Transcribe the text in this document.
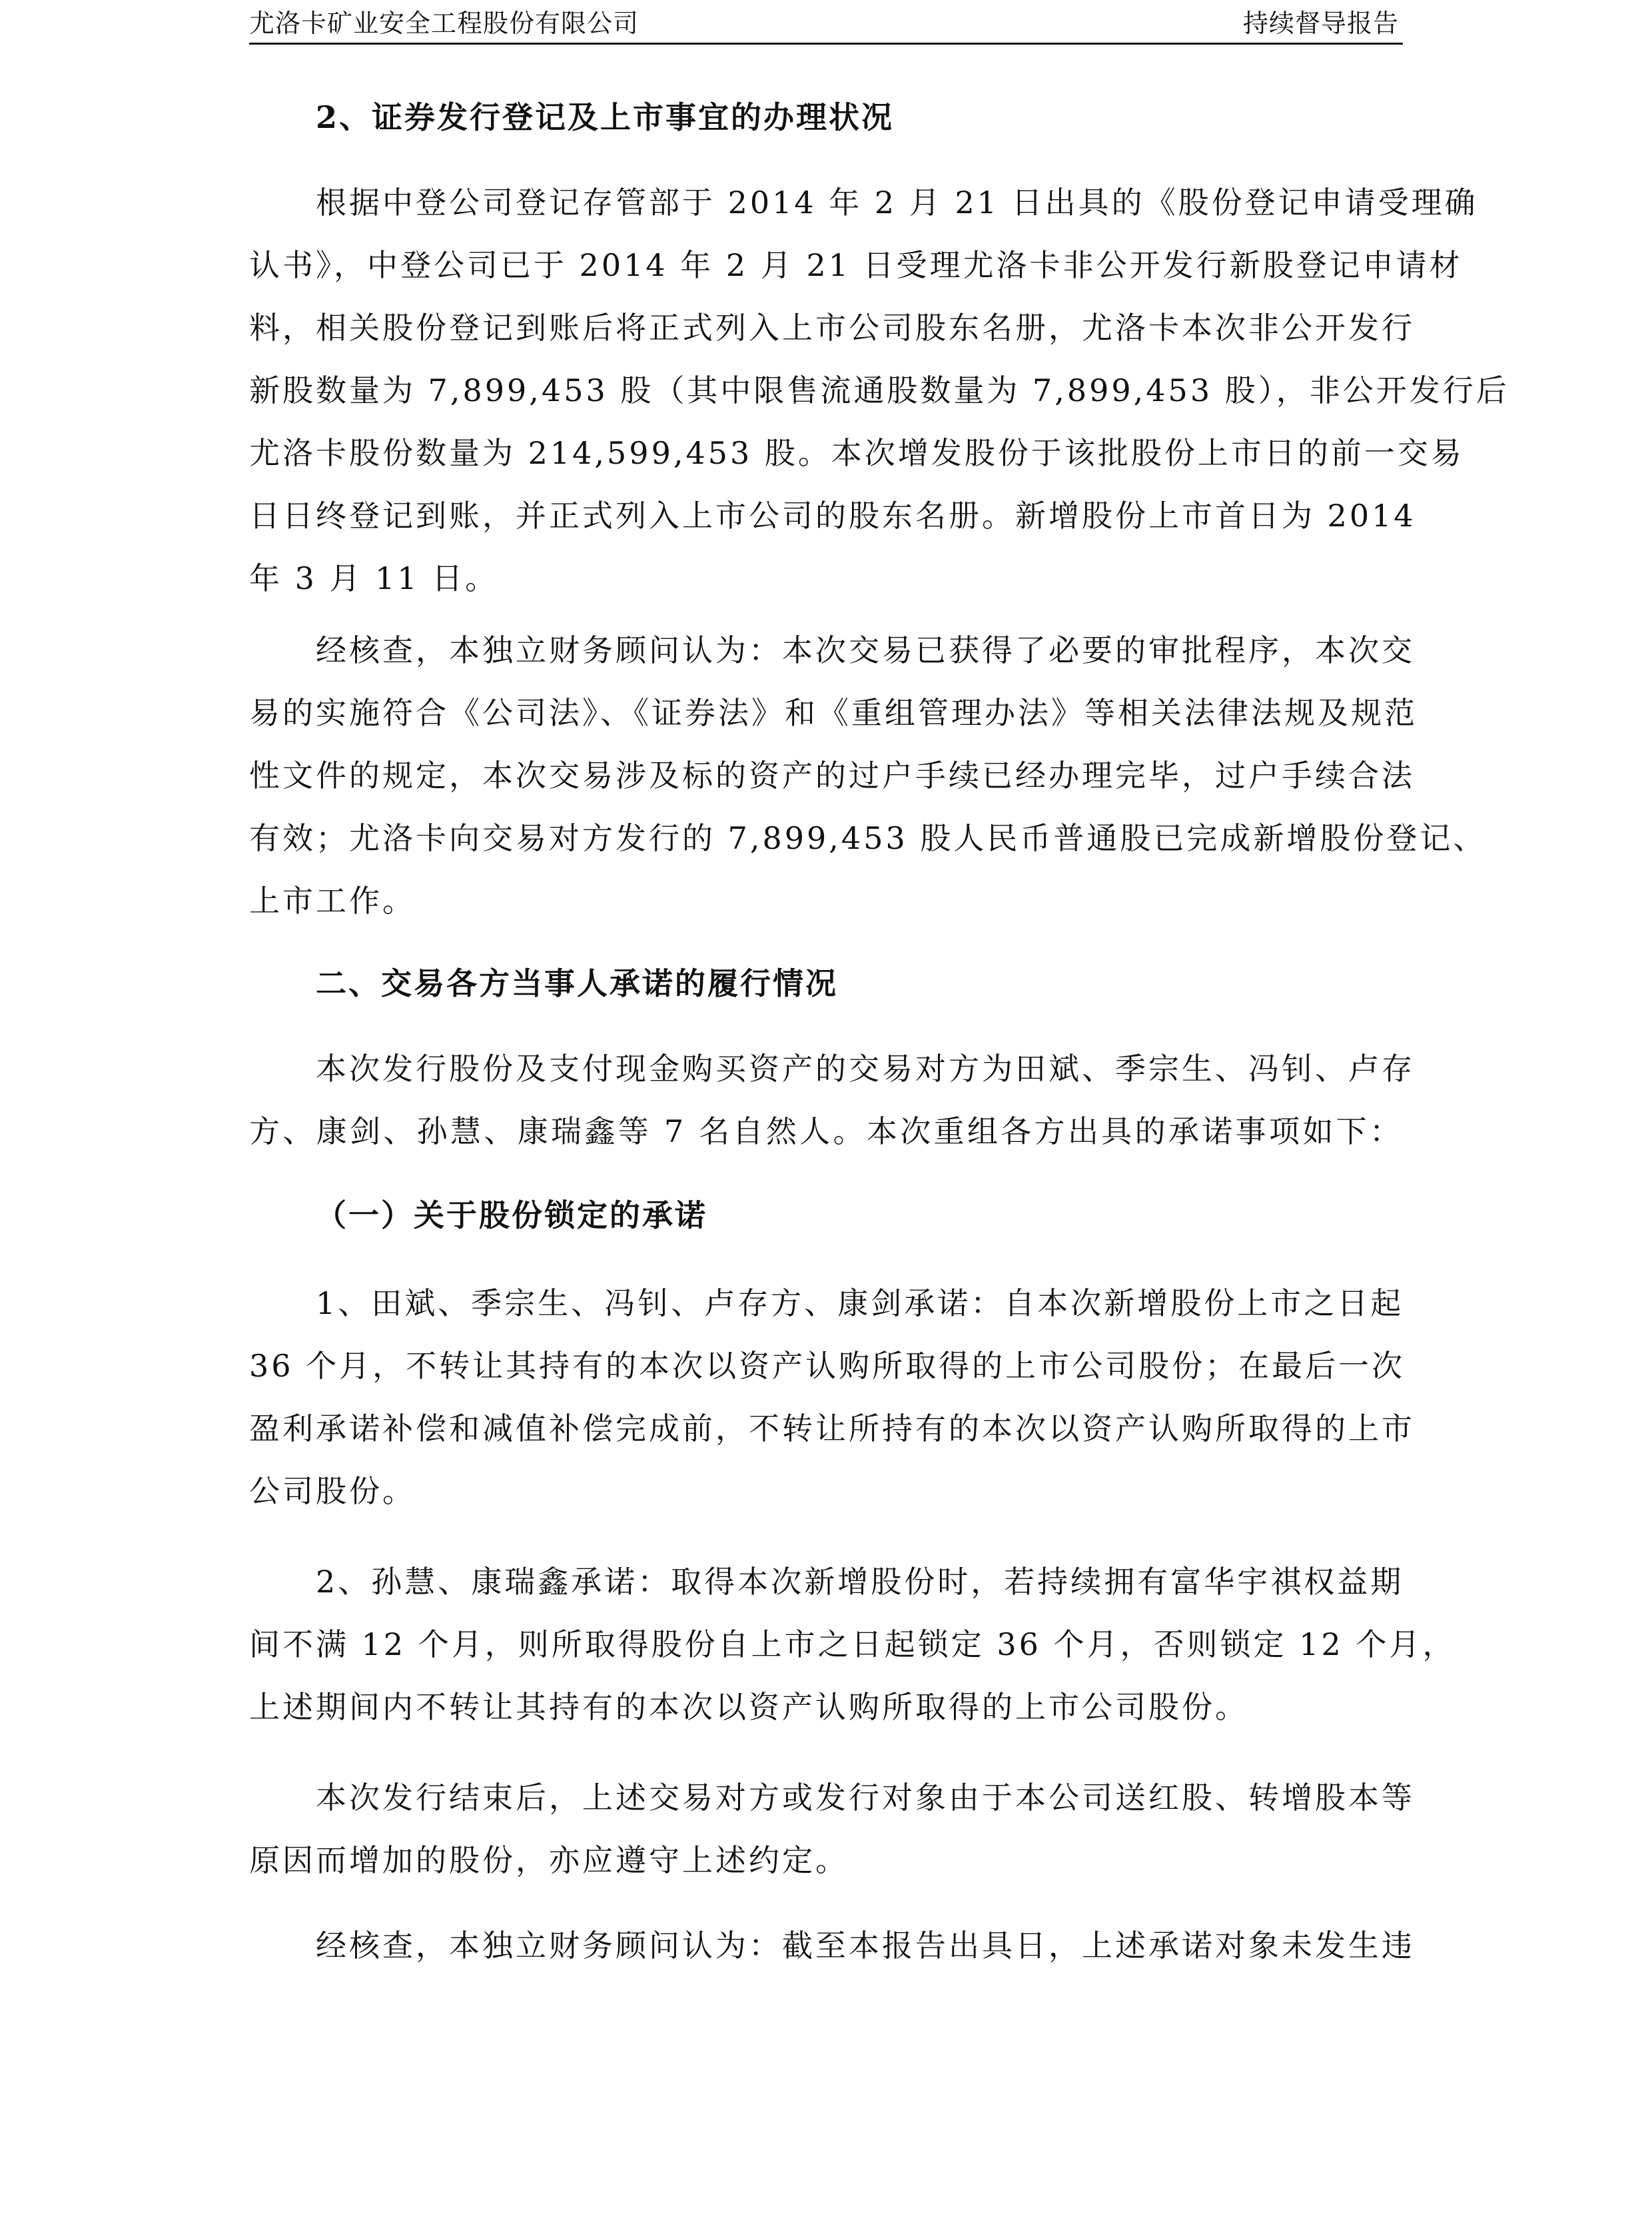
尤洛卡矿业安全工程股份有限公司	持续督导报告
2、证券发行登记及上市事宜的办理状况
根据中登公司登记存管部于 2014 年 2 月 21 日出具的《股份登记申请受理确
认书》，中登公司已于 2014 年 2 月 21 日受理尤洛卡非公开发行新股登记申请材
料，相关股份登记到账后将正式列入上市公司股东名册，尤洛卡本次非公开发行
新股数量为 7,899,453 股（其中限售流通股数量为 7,899,453 股），非公开发行后
尤洛卡股份数量为 214,599,453 股。本次增发股份于该批股份上市日的前一交易
日日终登记到账，并正式列入上市公司的股东名册。新增股份上市首日为 2014
年 3 月 11 日。
经核查，本独立财务顾问认为：本次交易已获得了必要的审批程序，本次交
易的实施符合《公司法》、《证券法》和《重组管理办法》等相关法律法规及规范
性文件的规定，本次交易涉及标的资产的过户手续已经办理完毕，过户手续合法
有效；尤洛卡向交易对方发行的 7,899,453 股人民币普通股已完成新增股份登记、
上市工作。
二、交易各方当事人承诺的履行情况
本次发行股份及支付现金购买资产的交易对方为田斌、季宗生、冯钊、卢存
方、康剑、孙慧、康瑞鑫等 7 名自然人。本次重组各方出具的承诺事项如下：
（一）关于股份锁定的承诺
1、田斌、季宗生、冯钊、卢存方、康剑承诺：自本次新增股份上市之日起
36 个月，不转让其持有的本次以资产认购所取得的上市公司股份；在最后一次
盈利承诺补偿和减值补偿完成前，不转让所持有的本次以资产认购所取得的上市
公司股份。
2、孙慧、康瑞鑫承诺：取得本次新增股份时，若持续拥有富华宇祺权益期
间不满 12 个月，则所取得股份自上市之日起锁定 36 个月，否则锁定 12 个月，
上述期间内不转让其持有的本次以资产认购所取得的上市公司股份。
本次发行结束后，上述交易对方或发行对象由于本公司送红股、转增股本等
原因而增加的股份，亦应遵守上述约定。
经核查，本独立财务顾问认为：截至本报告出具日，上述承诺对象未发生违
